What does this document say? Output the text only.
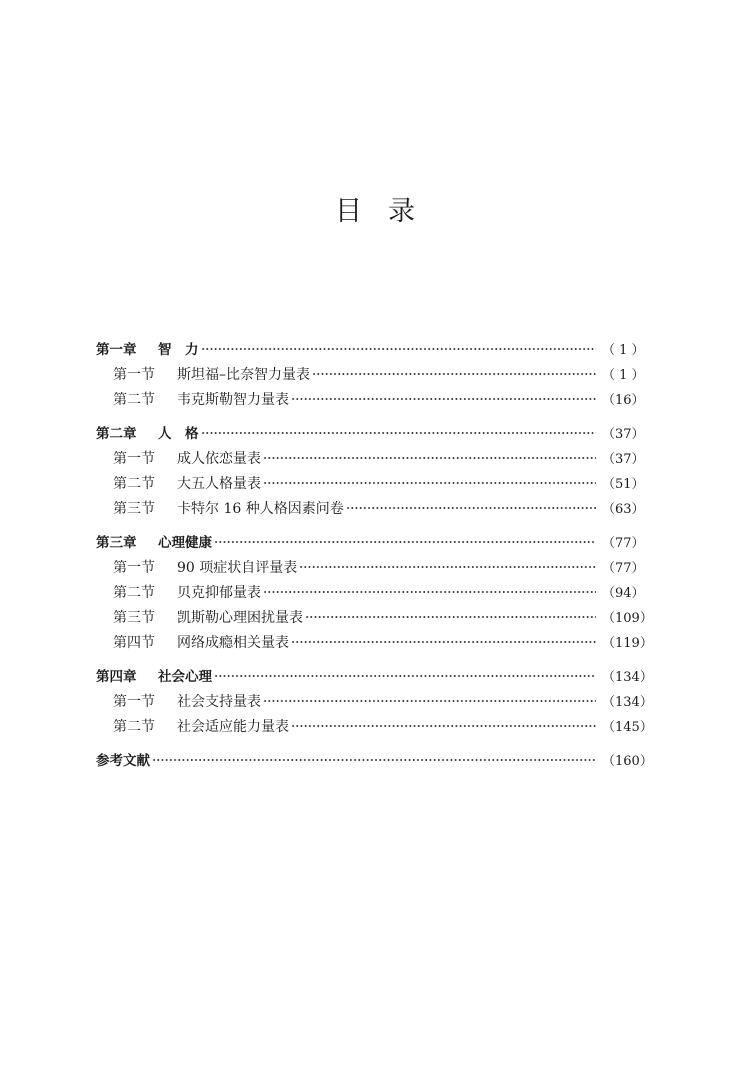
目录
第一章	智　力	（ 1 ）
第一节	斯坦福–比奈智力量表	（ 1 ）
第二节	韦克斯勒智力量表	（16）
第二章	人　格	（37）
第一节	成人依恋量表	（37）
第二节	大五人格量表	（51）
第三节	卡特尔 16 种人格因素问卷	（63）
第三章	心理健康	（77）
第一节	90 项症状自评量表	（77）
第二节	贝克抑郁量表	（94）
第三节	凯斯勒心理困扰量表	（109）
第四节	网络成瘾相关量表	（119）
第四章	社会心理	（134）
第一节	社会支持量表	（134）
第二节	社会适应能力量表	（145）
参考文献	（160）
